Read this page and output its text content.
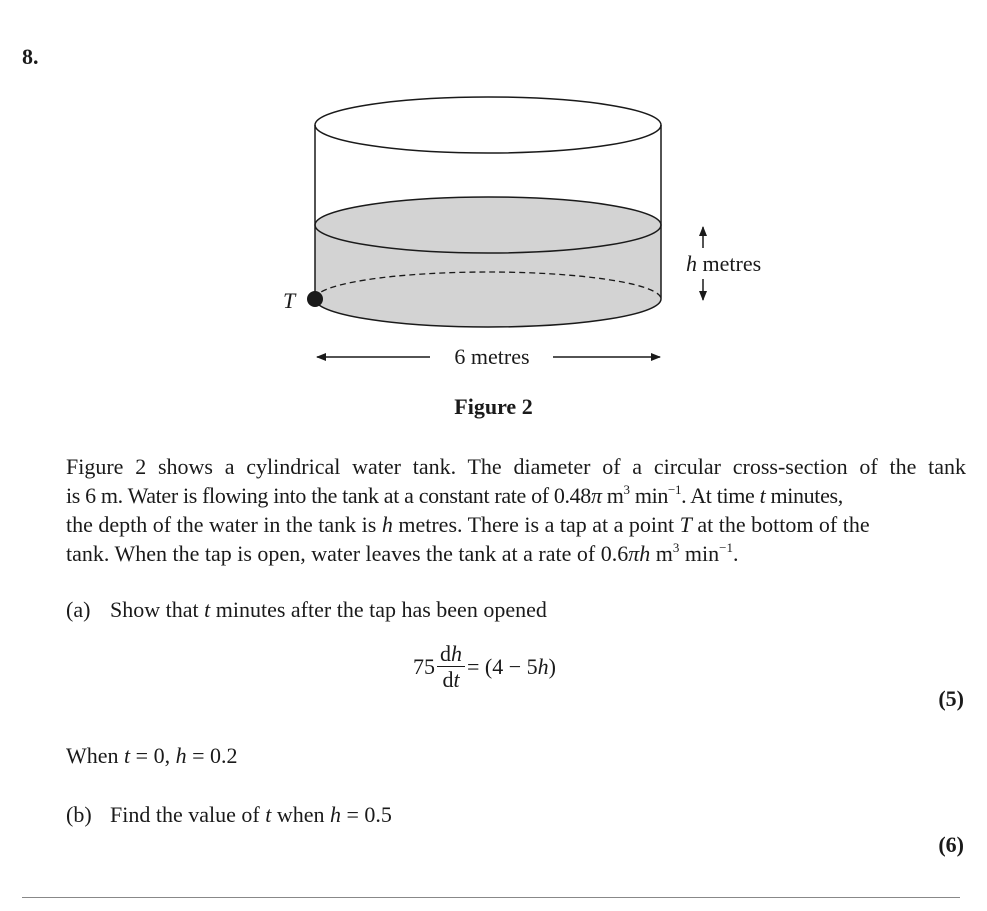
8.
T
h metres
6 metres
Figure 2
Figure 2 shows a cylindrical water tank. The diameter of a circular cross-section of the tank
is 6 m. Water is flowing into the tank at a constant rate of 0.48π $m^3$ $\min^{-1}$. At time t minutes,
the depth of the water in the tank is h metres. There is a tap at a point T at the bottom of the
tank. When the tap is open, water leaves the tank at a rate of 0.6πh $m^3$ $\min^{-1}$.
(a) Show that t minutes after the tap has been opened
$75 \frac{dh}{dt} = (4 - 5h)$
(5)
When t = 0, h = 0.2
(b) Find the value of t when h = 0.5
(6)
